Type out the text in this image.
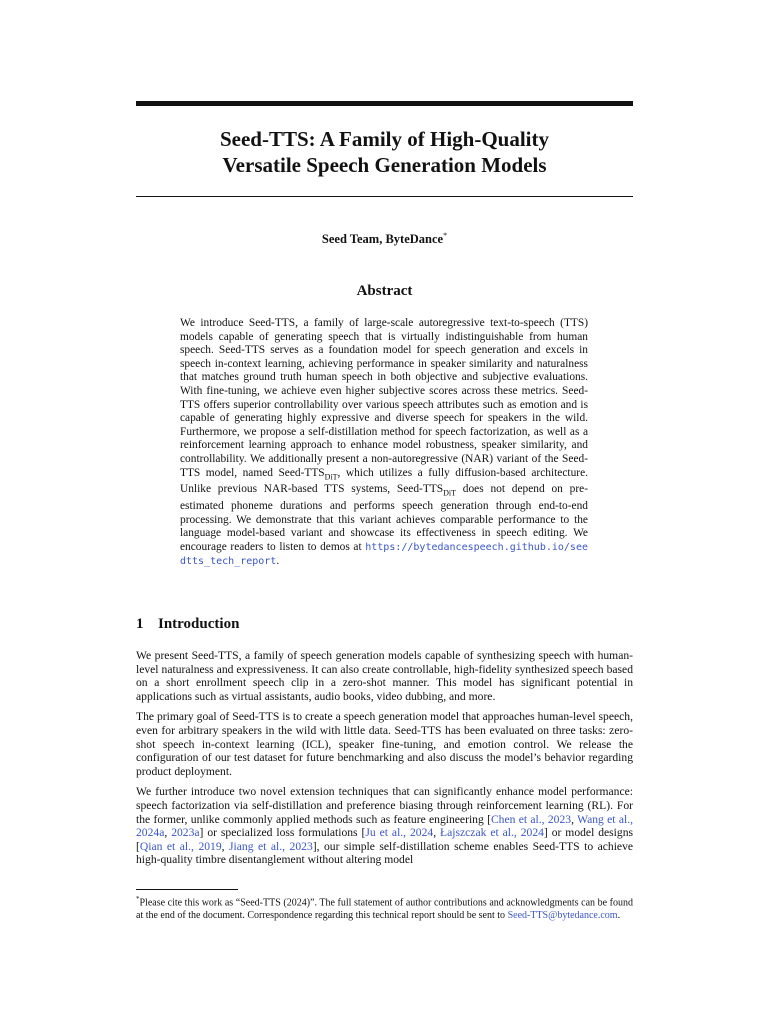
Seed-TTS: A Family of High-Quality
Versatile Speech Generation Models
Seed Team, ByteDance*
Abstract
We introduce Seed-TTS, a family of large-scale autoregressive text-to-speech (TTS) models capable of generating speech that is virtually indistinguishable from human speech. Seed-TTS serves as a foundation model for speech generation and excels in speech in-context learning, achieving performance in speaker similarity and naturalness that matches ground truth human speech in both objective and subjective evaluations. With fine-tuning, we achieve even higher subjective scores across these metrics. Seed-TTS offers superior controllability over various speech attributes such as emotion and is capable of generating highly expressive and diverse speech for speakers in the wild. Furthermore, we propose a self-distillation method for speech factorization, as well as a reinforcement learning approach to enhance model robustness, speaker similarity, and controllability. We additionally present a non-autoregressive (NAR) variant of the Seed-TTS model, named Seed-$TTS_{DiT}$, which utilizes a fully diffusion-based architecture. Unlike previous NAR-based TTS systems, Seed-$TTS_{DiT}$ does not depend on pre-estimated phoneme durations and performs speech generation through end-to-end processing. We demonstrate that this variant achieves comparable performance to the language model-based variant and showcase its effectiveness in speech editing. We encourage readers to listen to demos at https://bytedancespeech.github.io/seedtts_tech_report.
1 Introduction

We present Seed-TTS, a family of speech generation models capable of synthesizing speech with human-level naturalness and expressiveness. It can also create controllable, high-fidelity synthesized speech based on a short enrollment speech clip in a zero-shot manner. This model has significant potential in applications such as virtual assistants, audio books, video dubbing, and more.

The primary goal of Seed-TTS is to create a speech generation model that approaches human-level speech, even for arbitrary speakers in the wild with little data. Seed-TTS has been evaluated on three tasks: zero-shot speech in-context learning (ICL), speaker fine-tuning, and emotion control. We release the configuration of our test dataset for future benchmarking and also discuss the model’s behavior regarding product deployment.

We further introduce two novel extension techniques that can significantly enhance model performance: speech factorization via self-distillation and preference biasing through reinforcement learning (RL). For the former, unlike commonly applied methods such as feature engineering [Chen et al., 2023, Wang et al., 2024a, 2023a] or specialized loss formulations [Ju et al., 2024, Łajszczak et al., 2024] or model designs [Qian et al., 2019, Jiang et al., 2023], our simple self-distillation scheme enables Seed-TTS to achieve high-quality timbre disentanglement without altering model

*Please cite this work as “Seed-TTS (2024)”. The full statement of author contributions and acknowledgments can be found at the end of the document. Correspondence regarding this technical report should be sent to Seed-TTS@bytedance.com.
